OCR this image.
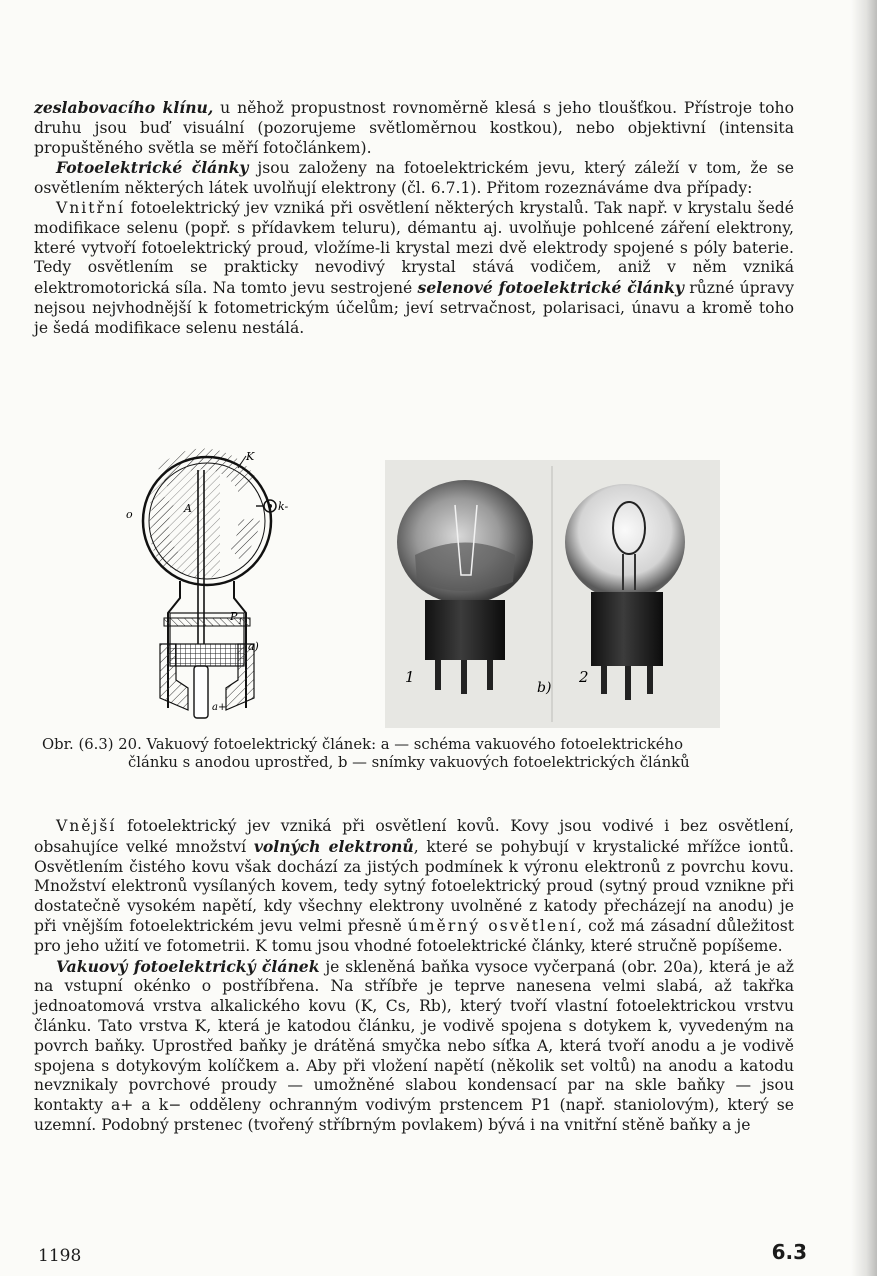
zeslabovacího klínu, u něhož propustnost rovnoměrně klesá s jeho tloušťkou. Přístroje toho druhu jsou buď visuální (pozorujeme světloměrnou kostkou), nebo objektivní (intensita propuštěného světla se měří fotočlánkem).

Fotoelektrické články jsou založeny na fotoelektrickém jevu, který záleží v tom, že se osvětlením některých látek uvolňují elektrony (čl. 6.7.1). Přitom rozeznáváme dva případy:

Vnitřní fotoelektrický jev vzniká při osvětlení některých krystalů. Tak např. v krystalu šedé modifikace selenu (popř. s přídavkem teluru), démantu aj. uvolňuje pohlcené záření elektrony, které vytvoří fotoelektrický proud, vložíme-li krystal mezi dvě elektrody spojené s póly baterie. Tedy osvětlením se prakticky nevodivý krystal stává vodičem, aniž v něm vzniká elektromotorická síla. Na tomto jevu sestrojené selenové fotoelektrické články různé úpravy nejsou nejvhodnější k fotometrickým účelům; jeví setrvačnost, polarisaci, únavu a kromě toho je šedá modifikace selenu nestálá.

K
k-
o	A
P 1
a)
a+
1
b)
2
Obr. (6.3) 20. Vakuový fotoelektrický článek: a — schéma vakuového fotoelektrického
článku s anodou uprostřed, b — snímky vakuových fotoelektrických článků

Vnější fotoelektrický jev vzniká při osvětlení kovů. Kovy jsou vodivé i bez osvětlení, obsahujíce velké množství volných elektronů, které se pohybují v krystalické mřížce iontů. Osvětlením čistého kovu však dochází za jistých podmínek k výronu elektronů z povrchu kovu. Množství elektronů vysílaných kovem, tedy sytný fotoelektrický proud (sytný proud vznikne při dostatečně vysokém napětí, kdy všechny elektrony uvolněné z katody přecházejí na anodu) je při vnějším fotoelektrickém jevu velmi přesně úměrný osvětlení, což má zásadní důležitost pro jeho užití ve fotometrii. K tomu jsou vhodné fotoelektrické články, které stručně popíšeme.

Vakuový fotoelektrický článek je skleněná baňka vysoce vyčerpaná (obr. 20a), která je až na vstupní okénko o postříbřena. Na stříbře je teprve nanesena velmi slabá, až takřka jednoatomová vrstva alkalického kovu (K, Cs, Rb), který tvoří vlastní fotoelektrickou vrstvu článku. Tato vrstva K, která je katodou článku, je vodivě spojena s dotykem k, vyvedeným na povrch baňky. Uprostřed baňky je drátěná smyčka nebo síťka A, která tvoří anodu a je vodivě spojena s dotykovým kolíčkem a. Aby při vložení napětí (několik set voltů) na anodu a katodu nevznikaly povrchové proudy — umožněné slabou kondensací par na skle baňky — jsou kontakty a+ a k− odděleny ochranným vodivým prstencem P1 (např. staniolovým), který se uzemní. Podobný prstenec (tvořený stříbrným povlakem) bývá i na vnitřní stěně baňky a je

1198	6.3
